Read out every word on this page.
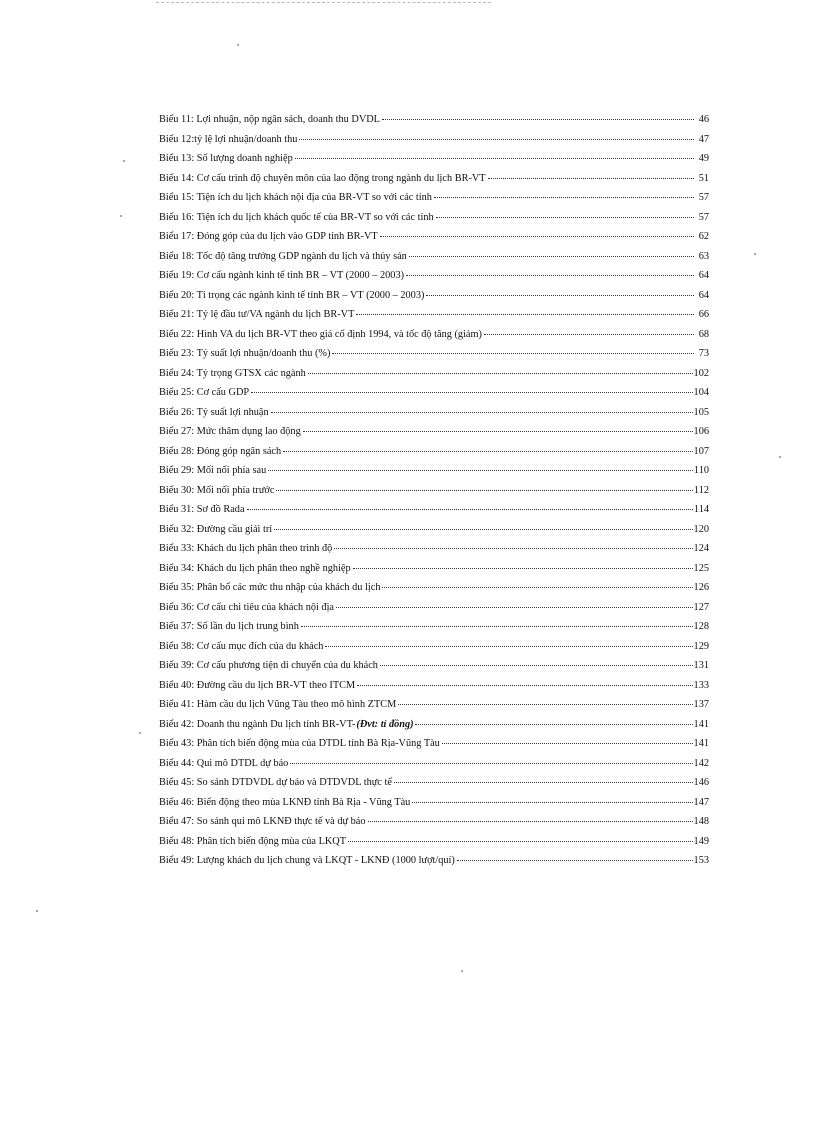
Biểu 11: Lợi nhuận, nộp ngân sách, doanh thu DVDL	46
Biểu 12:tỷ lệ lợi nhuận/doanh thu	47
Biểu 13: Số lượng doanh nghiệp	49
Biểu 14: Cơ cấu trình độ chuyên môn của lao động trong ngành du lịch BR-VT	51
Biểu 15: Tiện ích du lịch khách nội địa của BR-VT so với các tỉnh	57
Biểu 16: Tiện ích du lịch khách quốc tế của BR-VT so với các tỉnh	57
Biểu 17: Đóng góp của du lịch vào GDP tỉnh BR-VT	62
Biểu 18: Tốc độ tăng trưởng GDP ngành du lịch và thủy sản	63
Biểu 19: Cơ cấu ngành kinh tế tỉnh BR – VT (2000 – 2003)	64
Biểu 20: Tỉ trọng các ngành kinh tế tỉnh BR – VT (2000 – 2003)	64
Biểu 21: Tỷ lệ đầu tư/VA ngành du lịch BR-VT	66
Biểu 22: Hình VA du lịch BR-VT theo giá cố định 1994, và tốc độ tăng (giảm)	68
Biểu 23: Tỷ suất lợi nhuận/doanh thu (%)	73
Biểu 24: Tỷ trọng GTSX các ngành	102
Biểu 25: Cơ cấu GDP	104
Biểu 26: Tỷ suất lợi nhuận	105
Biểu 27: Mức thâm dụng lao động	106
Biểu 28: Đóng góp ngân sách	107
Biểu 29: Mối nối phía sau	110
Biểu 30: Mối nối phía trước	112
Biểu 31: Sơ đồ Rada	114
Biểu 32: Đường cầu giải trí	120
Biểu 33: Khách du lịch phân theo trình độ	124
Biểu 34: Khách du lịch phân theo nghề nghiệp	125
Biểu 35: Phân bổ các mức thu nhập của khách du lịch	126
Biểu 36: Cơ cấu chi tiêu của khách nội địa	127
Biểu 37: Số lần du lịch trung bình	128
Biểu 38: Cơ cấu mục đích của du khách	129
Biểu 39: Cơ cấu phương tiện di chuyển của du khách	131
Biểu 40: Đường cầu du lịch BR-VT theo ITCM	133
Biểu 41: Hàm cầu du lịch Vũng Tàu theo mô hình ZTCM	137
Biểu 42: Doanh thu ngành Du lịch tỉnh BR-VT- (Đvt: tỉ đồng)	141
Biểu 43: Phân tích biến động mùa của DTDL tỉnh Bà Rịa-Vũng Tàu	141
Biểu 44: Qui mô DTDL dự báo	142
Biểu 45: So sánh DTDVDL dự báo và DTDVDL thực tế	146
Biểu 46: Biến động theo mùa LKNĐ tỉnh Bà Rịa - Vũng Tàu	147
Biểu 47: So sánh qui mô LKNĐ thực tế và dự báo	148
Biểu 48: Phân tích biến động mùa của LKQT	149
Biểu 49: Lượng khách du lịch chung và LKQT - LKNĐ (1000 lượt/quí)	153
